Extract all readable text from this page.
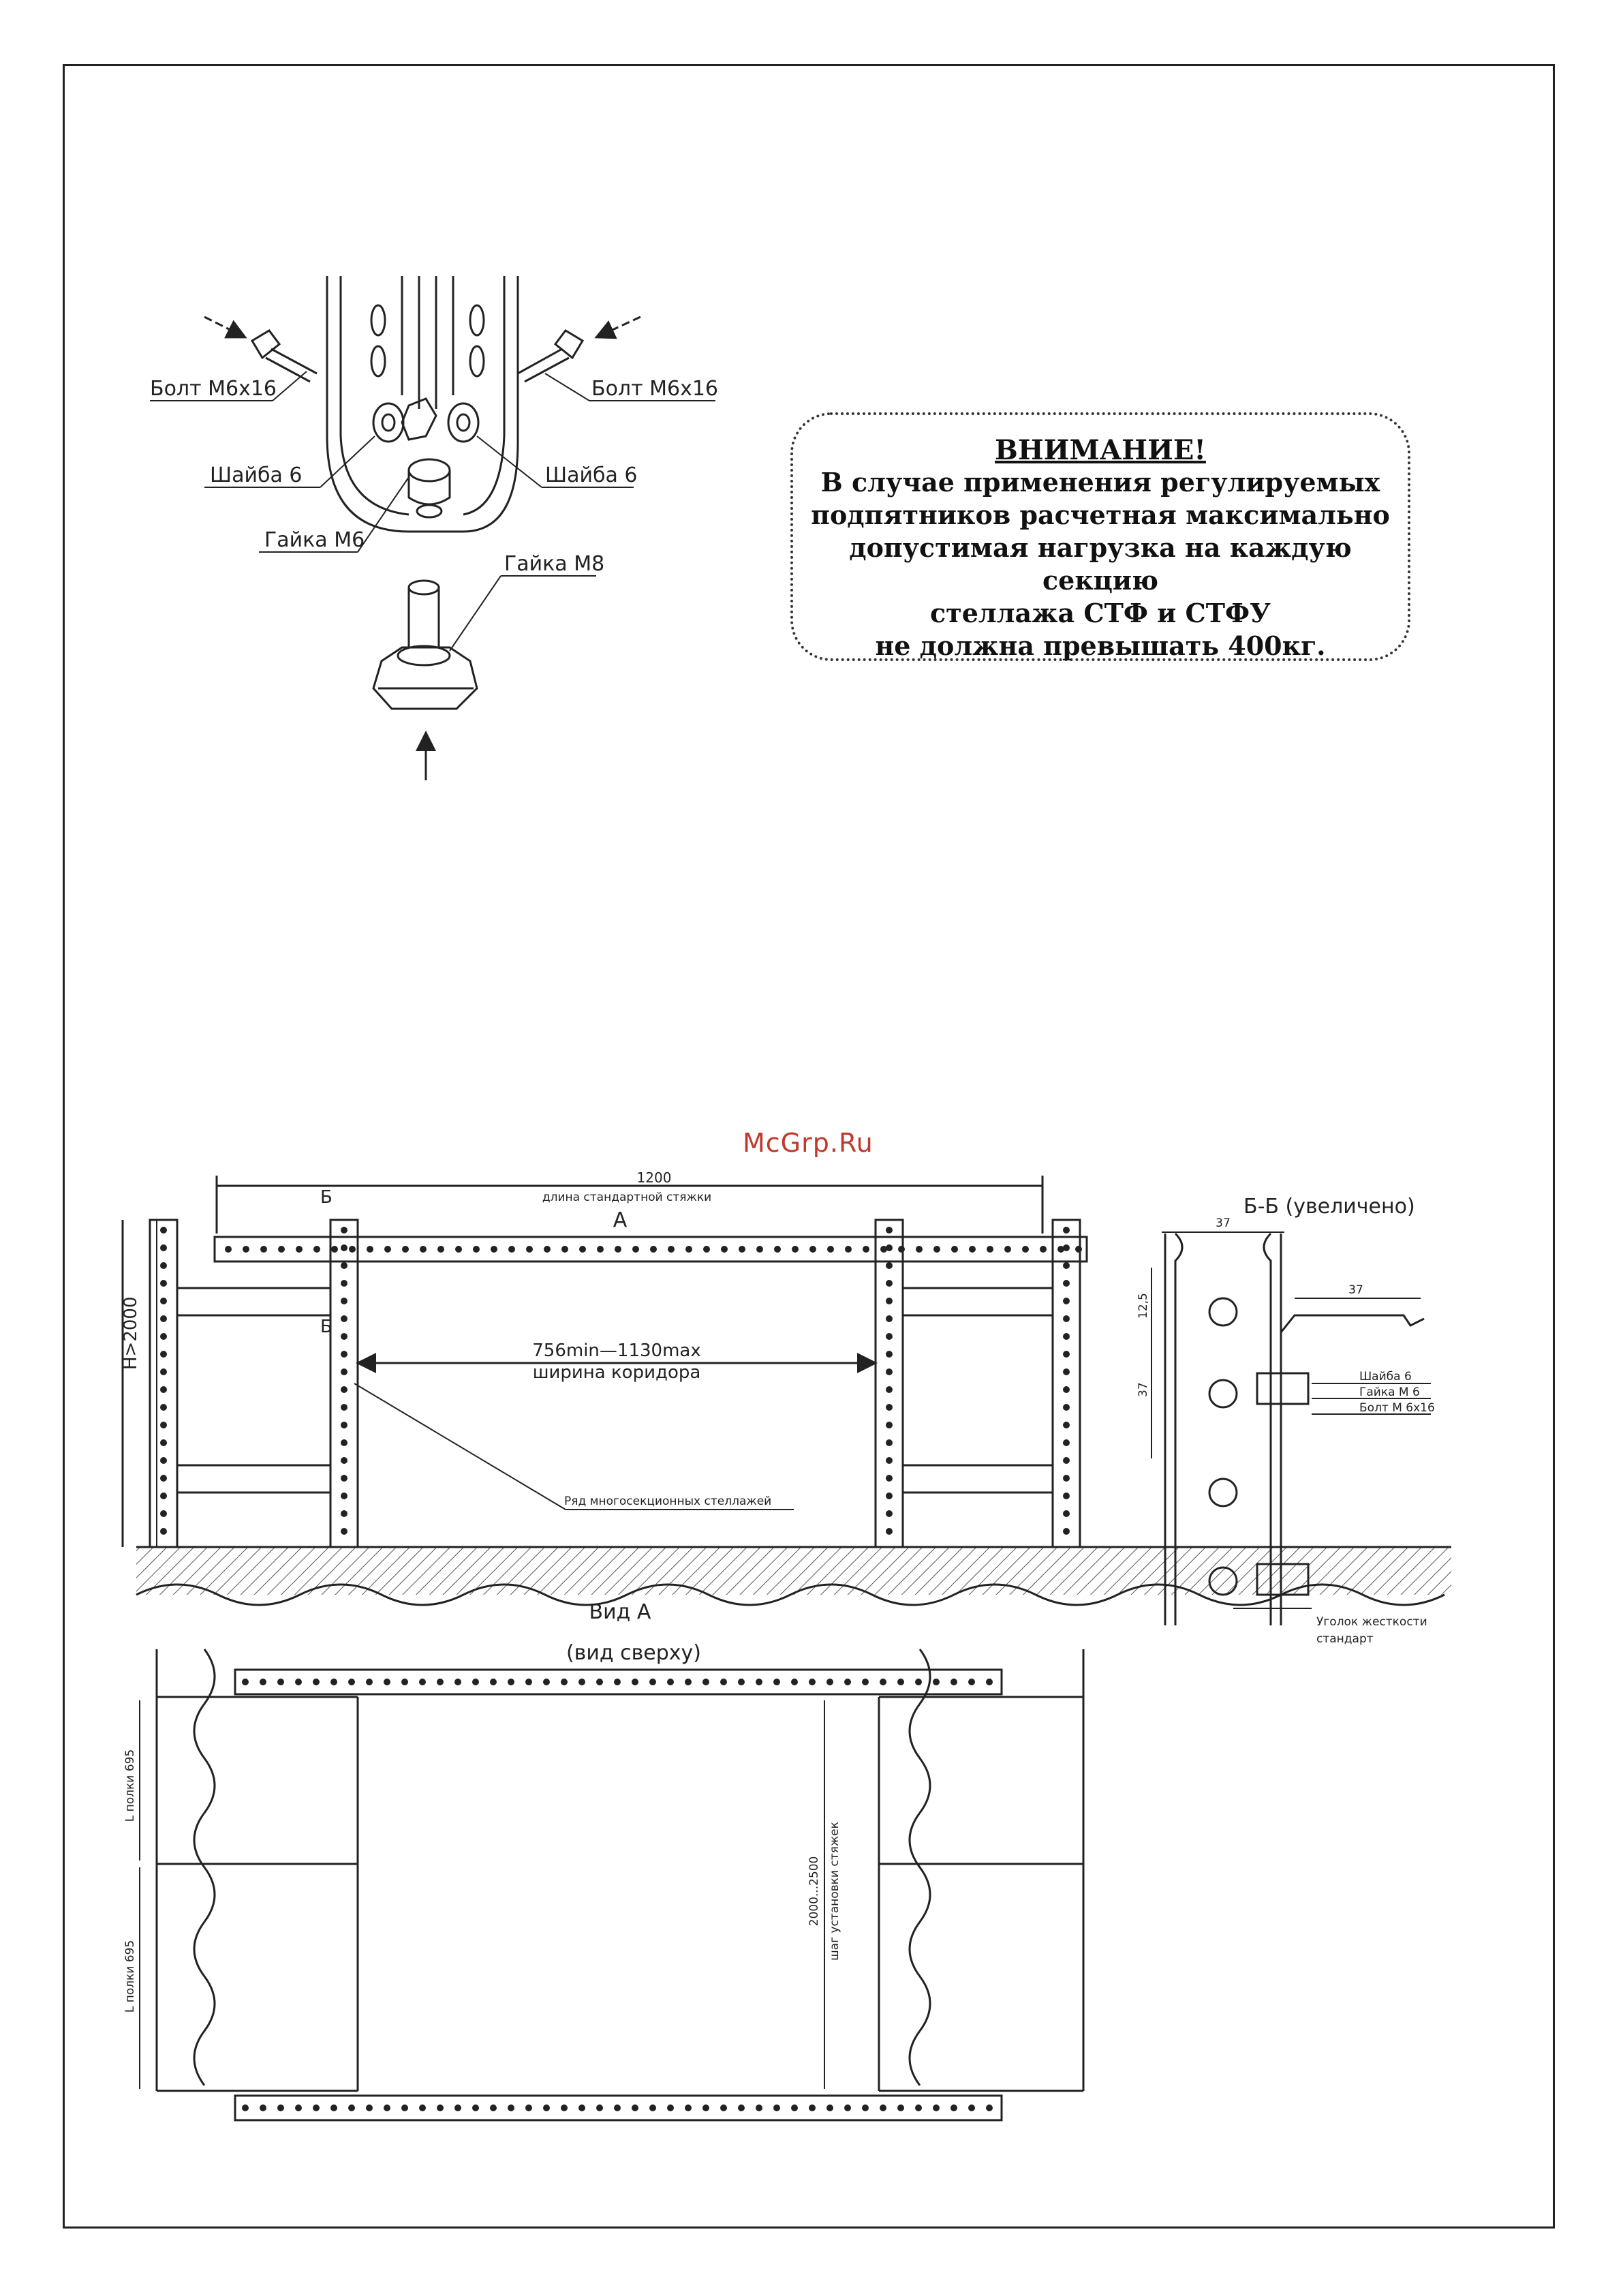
ВНИМАНИЕ!
В случае применения регулируемых
подпятников расчетная максимально
допустимая нагрузка на каждую секцию
стеллажа СТФ и СТФУ
не должна превышать 400кг.
McGrp.Ru
Болт М6х16	Болт М6х16
Шайба 6	Шайба 6
Гайка М6
Гайка М8
1200
длина стандартной стяжки
А
Б
Б
H>2000	756min—1130max
ширина коридора
Ряд многосекционных стеллажей
Б-Б (увеличено)
37
37
12,5
37
Шайба 6
Гайка М 6
Болт М 6х16
Уголок жесткости
стандарт
Вид А
(вид сверху)
L полки 695
L полки 695
2000...2500 шаг установки стяжек
